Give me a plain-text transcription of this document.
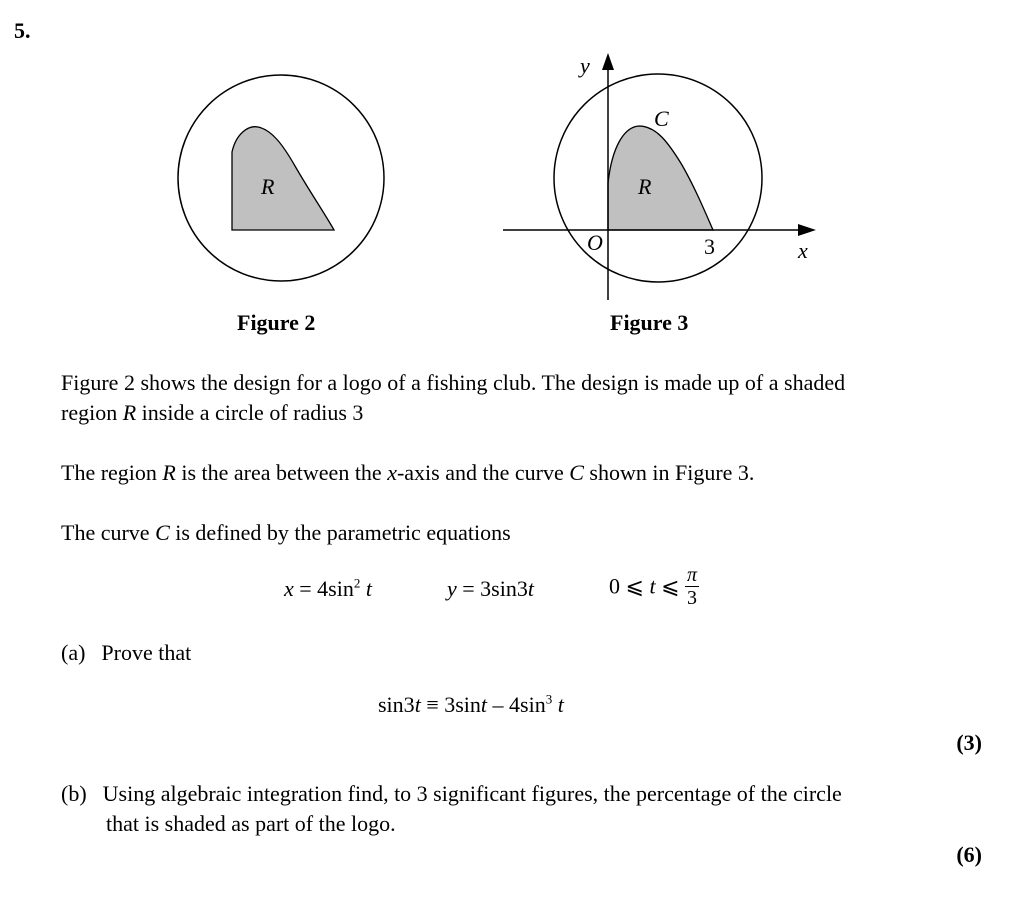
5.
R
y
x
O	3
C
R
Figure 2	Figure 3
Figure 2 shows the design for a logo of a fishing club. The design is made up of a shaded
region R inside a circle of radius 3
The region R is the area between the x-axis and the curve C shown in Figure 3.
The curve C is defined by the parametric equations
$x = 4\sin^2$ t	y = 3sin3t	0 ⩽ t ⩽ $\frac{\pi}{3}$
(a) Prove that
$\sin 3t \equiv 3\sin t - 4\sin^3$ t
(3)
(b) Using algebraic integration find, to 3 significant figures, the percentage of the circle
that is shaded as part of the logo.
(6)
